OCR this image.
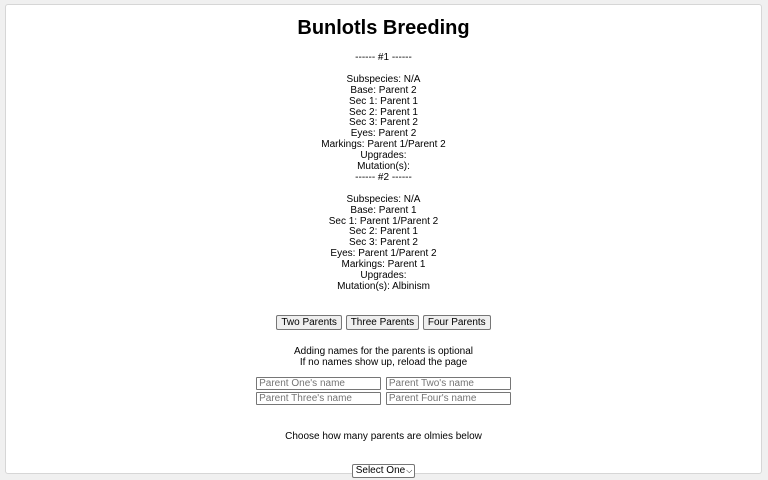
Bunlotls Breeding
------ #1 ------
Subspecies: N/A
Base: Parent 2
Sec 1: Parent 1
Sec 2: Parent 1
Sec 3: Parent 2
Eyes: Parent 2
Markings: Parent 1/Parent 2
Upgrades:
Mutation(s):
------ #2 ------
Subspecies: N/A
Base: Parent 1
Sec 1: Parent 1/Parent 2
Sec 2: Parent 1
Sec 3: Parent 2
Eyes: Parent 1/Parent 2
Markings: Parent 1
Upgrades:
Mutation(s): Albinism
Two Parents Three Parents Four Parents
Adding names for the parents is optional
If no names show up, reload the page
Parent One's name Parent Two's name
Parent Three's name Parent Four's name
Choose how many parents are olmies below
Select One⌵
